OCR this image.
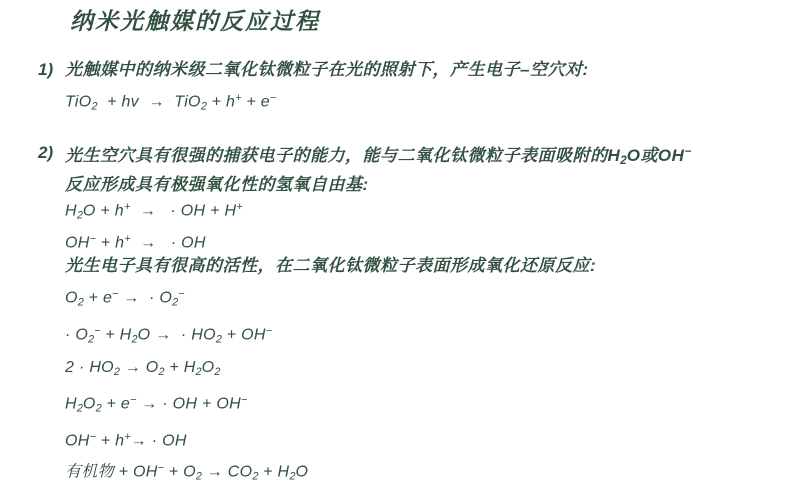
纳米光触媒的反应过程
1) 光触媒中的纳米级二氧化钛微粒子在光的照射下，产生电子–空穴对:
TiO$_2$  + hv  →  TiO$_2$ + h+ + e−
2) 光生空穴具有很强的捕获电子的能力，能与二氧化钛微粒子表面吸附的$H_2O$或OH−
反应形成具有极强氧化性的氢氧自由基:
$H_2O + h^+$  →   · OH + H+
OH− + h+  →   · OH
光生电子具有很高的活性，在二氧化钛微粒子表面形成氧化还原反应:
$O_2 + e^-$ →  · $O_2^-$
· $O_2^- + H_2O$ →  · $HO_2 + OH^-$
$2 \cdot HO_2 \to O_2 + H_2O_2$
$H_2O_2 + e^-$ → · OH + OH−
OH− + h+→ · OH
有机物 + $OH^- + O_2 \to CO_2 + H_2O$
